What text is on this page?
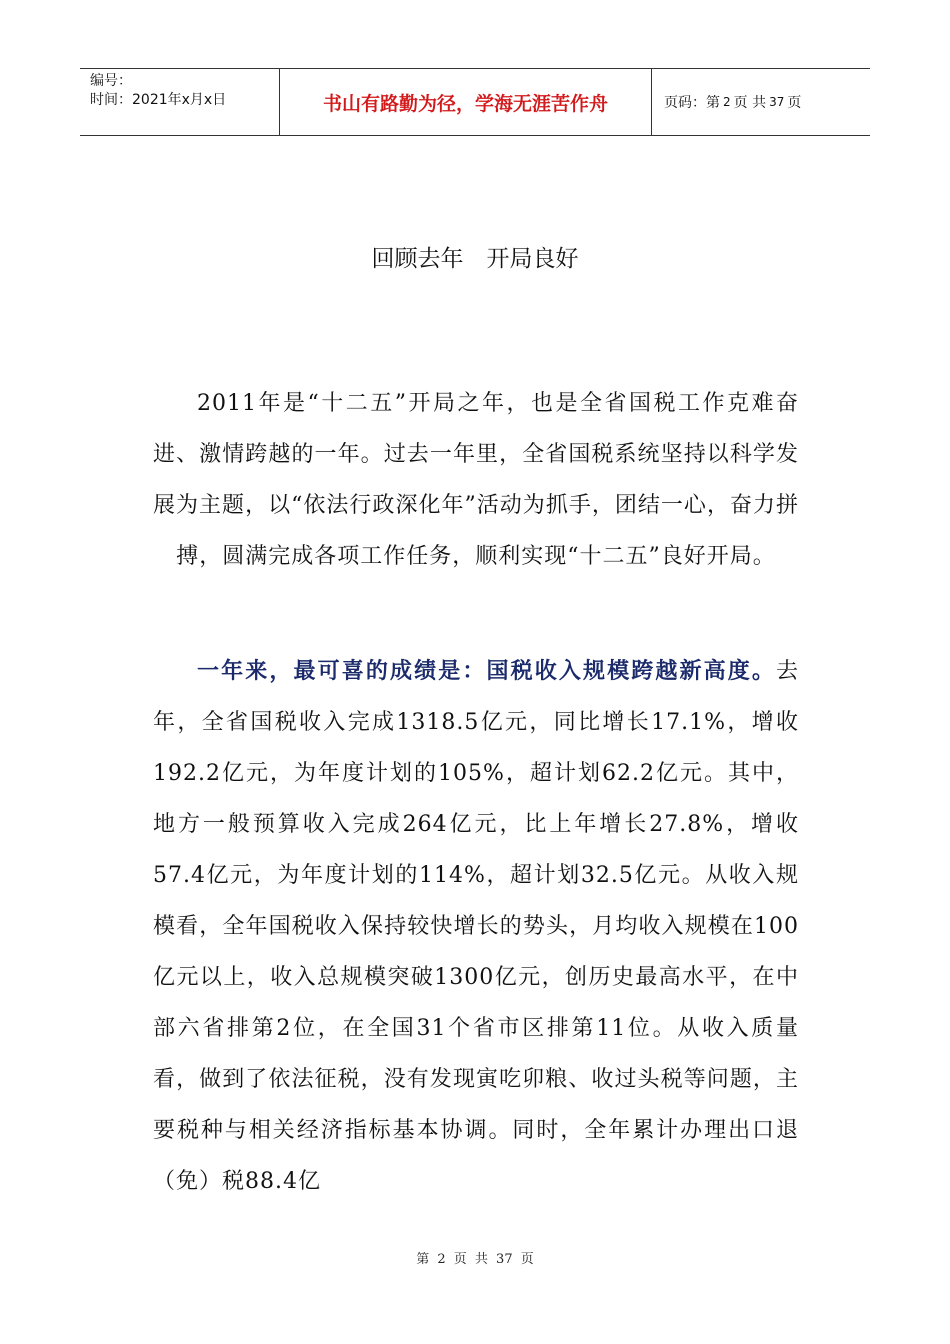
编号：
时间：2021年x月x日	书山有路勤为径，学海无涯苦作舟	页码：第 2 页 共 37 页
回顾去年　开局良好
2011年是“十二五”开局之年，也是全省国税工作克难奋进、激情跨越的一年。过去一年里，全省国税系统坚持以科学发展为主题，以“依法行政深化年”活动为抓手，团结一心，奋力拼搏，圆满完成各项工作任务，顺利实现“十二五”良好开局。
一年来，最可喜的成绩是：国税收入规模跨越新高度。去年，全省国税收入完成1318.5亿元，同比增长17.1%，增收192.2亿元，为年度计划的105%，超计划62.2亿元。其中，地方一般预算收入完成264亿元，比上年增长27.8%，增收57.4亿元，为年度计划的114%，超计划32.5亿元。从收入规模看，全年国税收入保持较快增长的势头，月均收入规模在100亿元以上，收入总规模突破1300亿元，创历史最高水平，在中部六省排第2位，在全国31个省市区排第11位。从收入质量看，做到了依法征税，没有发现寅吃卯粮、收过头税等问题，主要税种与相关经济指标基本协调。同时，全年累计办理出口退（免）税88.4亿
第 2 页 共 37 页
